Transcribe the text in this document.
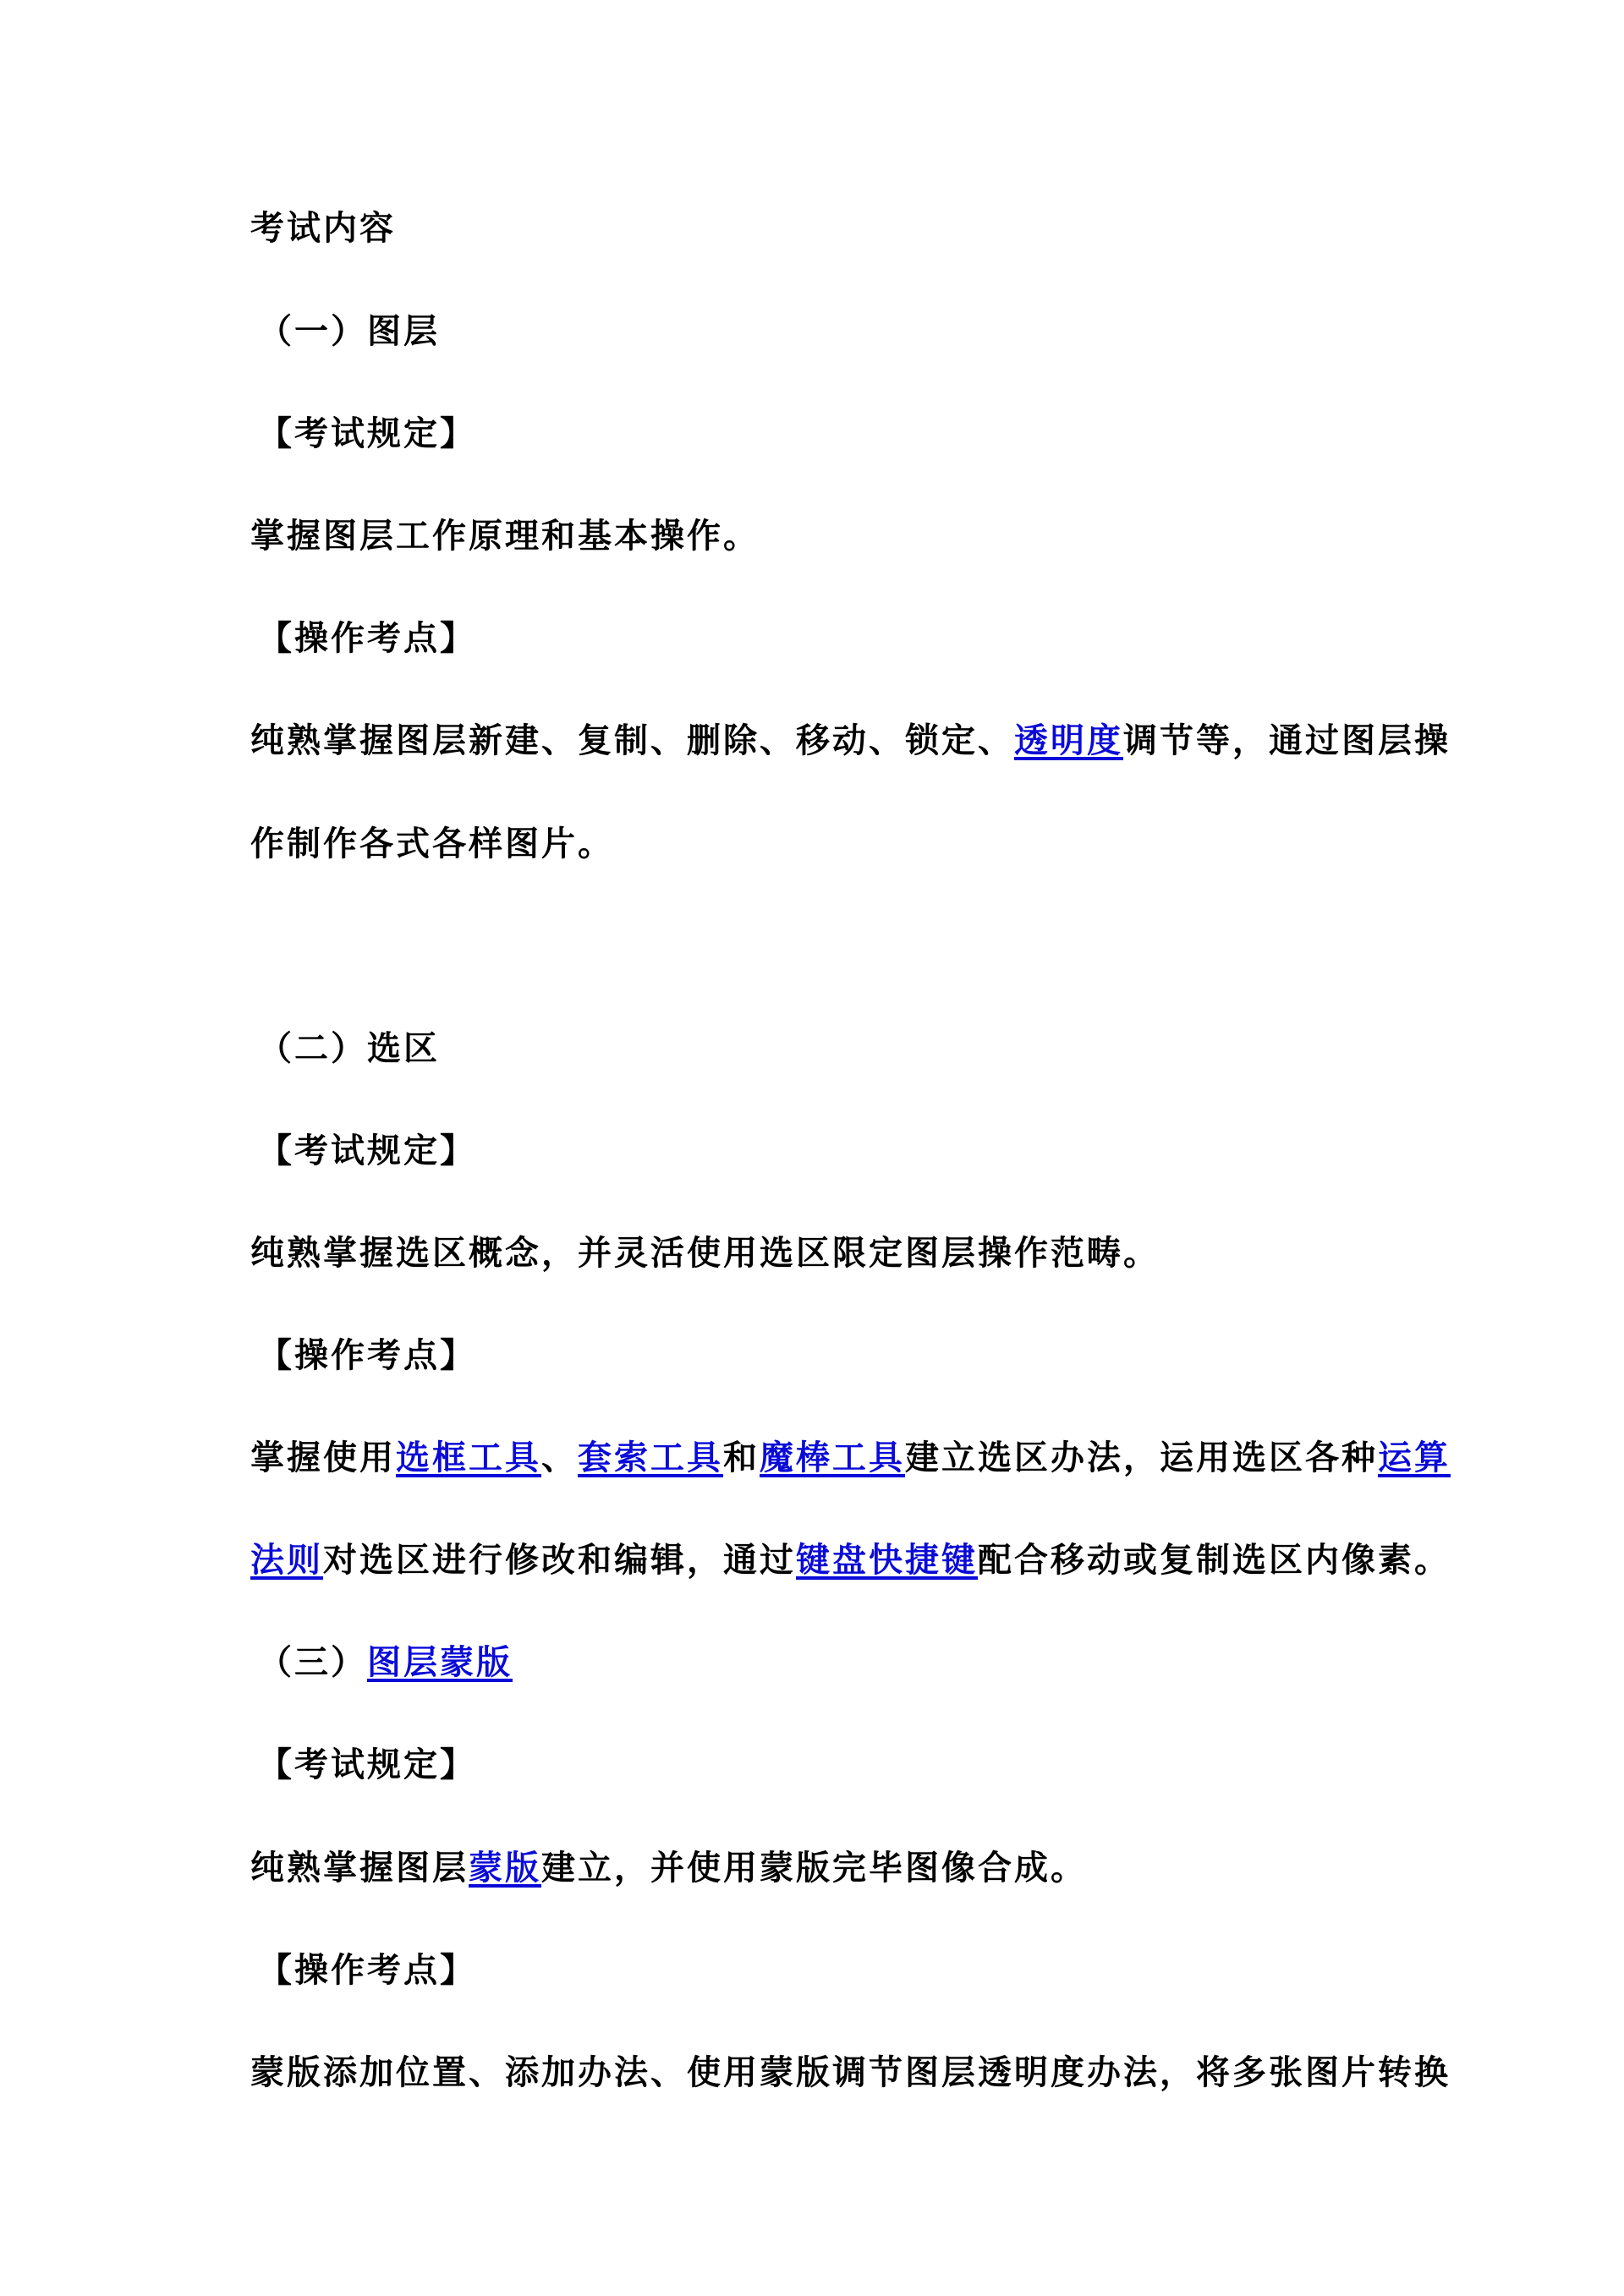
考试内容
（一）图层
【考试规定】
掌握图层工作原理和基本操作。
【操作考点】
纯熟掌握图层新建、复制、删除、移动、锁定、透明度调节等，通过图层操
作制作各式各样图片。
（二）选区
【考试规定】
纯熟掌握选区概念，并灵活使用选区限定图层操作范畴。
【操作考点】
掌握使用选框工具、套索工具和魔棒工具建立选区办法，运用选区各种运算
法则对选区进行修改和编辑，通过键盘快捷键配合移动或复制选区内像素。
（三）图层蒙版
【考试规定】
纯熟掌握图层蒙版建立，并使用蒙版完毕图像合成。
【操作考点】
蒙版添加位置、添加办法、使用蒙版调节图层透明度办法，将多张图片转换
